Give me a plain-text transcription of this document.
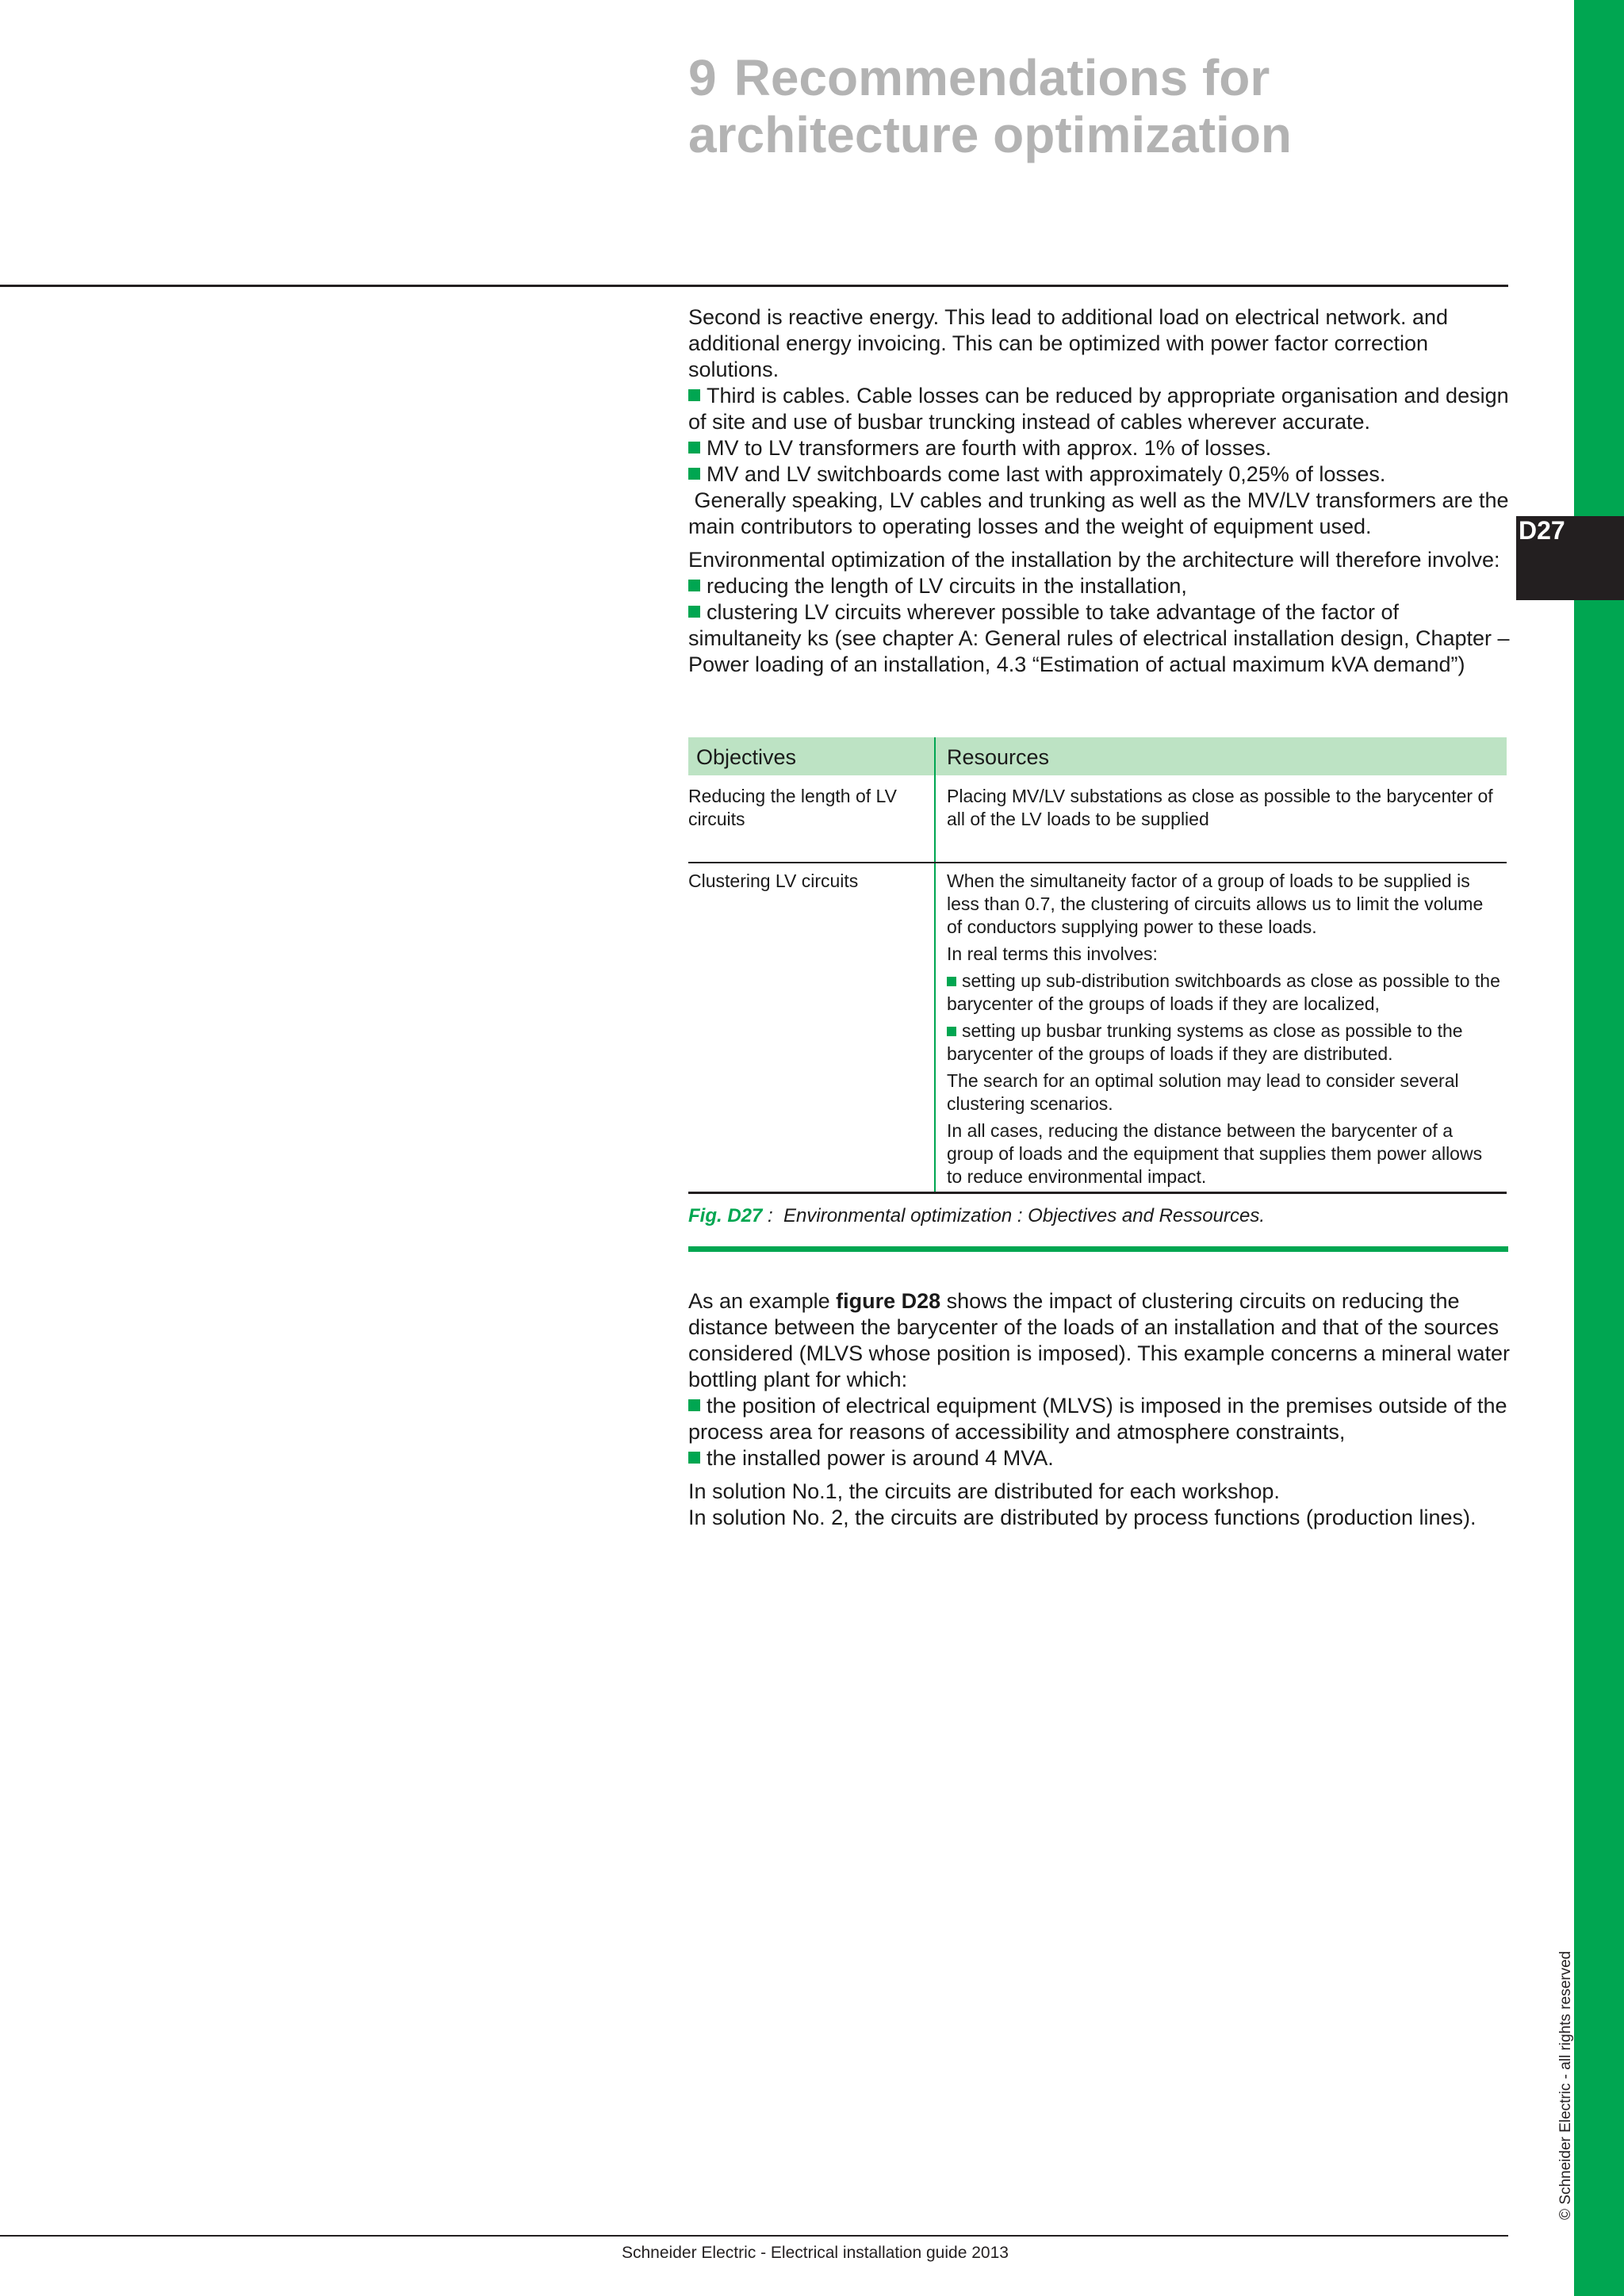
D27
© Schneider Electric - all rights reserved
9 Recommendations for
architecture optimization

Second is reactive energy. This lead to additional load on electrical network. and additional energy invoicing. This can be optimized with power factor correction solutions.

Third is cables. Cable losses can be reduced by appropriate organisation and design of site and use of busbar truncking instead of cables wherever accurate.

MV to LV transformers are fourth with approx. 1% of losses.

MV and LV switchboards come last with approximately 0,25% of losses.

Generally speaking, LV cables and trunking as well as the MV/LV transformers are the main contributors to operating losses and the weight of equipment used.

Environmental optimization of the installation by the architecture will therefore involve:

reducing the length of LV circuits in the installation,

clustering LV circuits wherever possible to take advantage of the factor of simultaneity ks (see chapter A: General rules of electrical installation design, Chapter – Power loading of an installation, 4.3 “Estimation of actual maximum kVA demand”)

Objectives	Resources
Reducing the length of LV circuits
Placing MV/LV substations as close as possible to the barycenter of all of the LV loads to be supplied
Clustering LV circuits	When the simultaneity factor of a group of loads to be supplied is less than 0.7, the clustering of circuits allows us to limit the volume of conductors supplying power to these loads.

In real terms this involves:

setting up sub-distribution switchboards as close as possible to the barycenter of the groups of loads if they are localized,

setting up busbar trunking systems as close as possible to the barycenter of the groups of loads if they are distributed.

The search for an optimal solution may lead to consider several clustering scenarios.

In all cases, reducing the distance between the barycenter of a group of loads and the equipment that supplies them power allows to reduce environmental impact.

Fig. D27 :  Environmental optimization : Objectives and Ressources.

As an example figure D28 shows the impact of clustering circuits on reducing the distance between the barycenter of the loads of an installation and that of the sources considered (MLVS whose position is imposed). This example concerns a mineral water bottling plant for which:

the position of electrical equipment (MLVS) is imposed in the premises outside of the process area for reasons of accessibility and atmosphere constraints,

the installed power is around 4 MVA.

In solution No.1, the circuits are distributed for each workshop.

In solution No. 2, the circuits are distributed by process functions (production lines).

Schneider Electric - Electrical installation guide 2013
